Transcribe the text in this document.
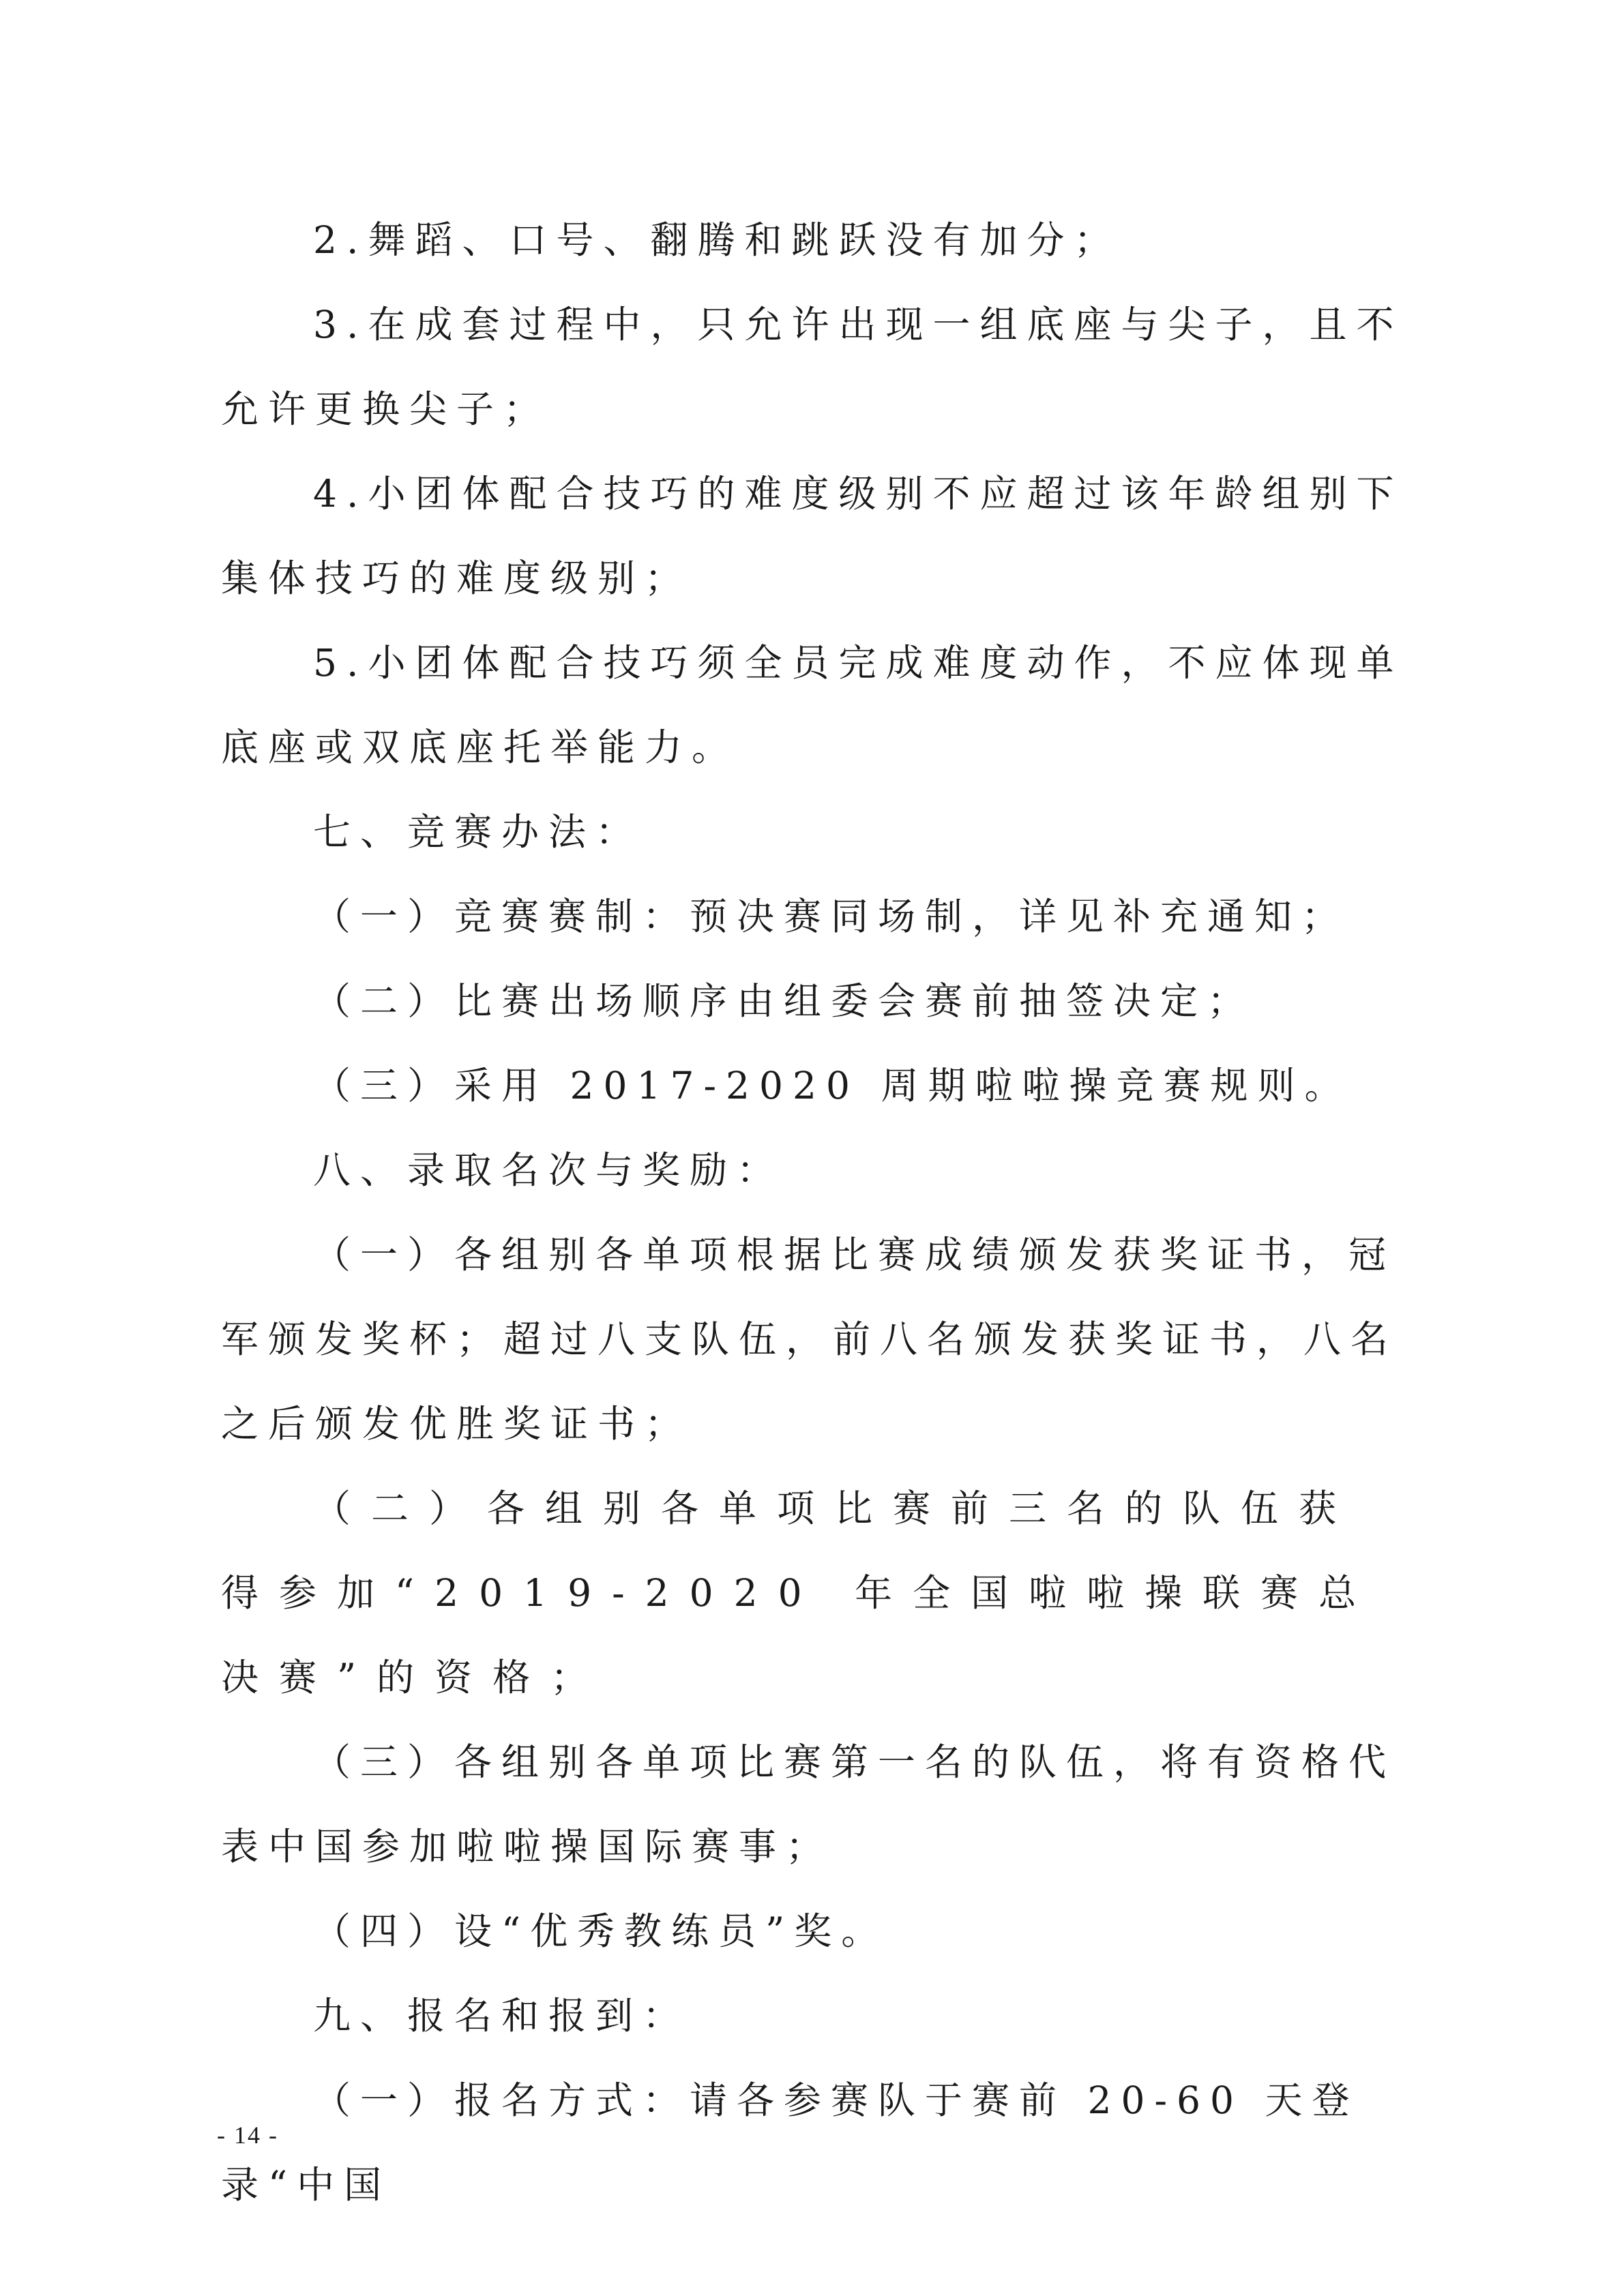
2.舞蹈、口号、翻腾和跳跃没有加分；

3.在成套过程中，只允许出现一组底座与尖子，且不允许更换尖子；

4.小团体配合技巧的难度级别不应超过该年龄组别下集体技巧的难度级别；

5.小团体配合技巧须全员完成难度动作，不应体现单底座或双底座托举能力。

七、竞赛办法：

（一）竞赛赛制：预决赛同场制，详见补充通知；

（二）比赛出场顺序由组委会赛前抽签决定；

（三）采用 2017-2020 周期啦啦操竞赛规则。

八、录取名次与奖励：

（一）各组别各单项根据比赛成绩颁发获奖证书，冠军颁发奖杯；超过八支队伍，前八名颁发获奖证书，八名之后颁发优胜奖证书；

（二）各组别各单项比赛前三名的队伍获得参加“2019-2020 年全国啦啦操联赛总决赛”的资格；

（三）各组别各单项比赛第一名的队伍，将有资格代表中国参加啦啦操国际赛事；

（四）设“优秀教练员”奖。

九、报名和报到：

（一）报名方式：请各参赛队于赛前 20-60 天登录“中国

- 14 -
